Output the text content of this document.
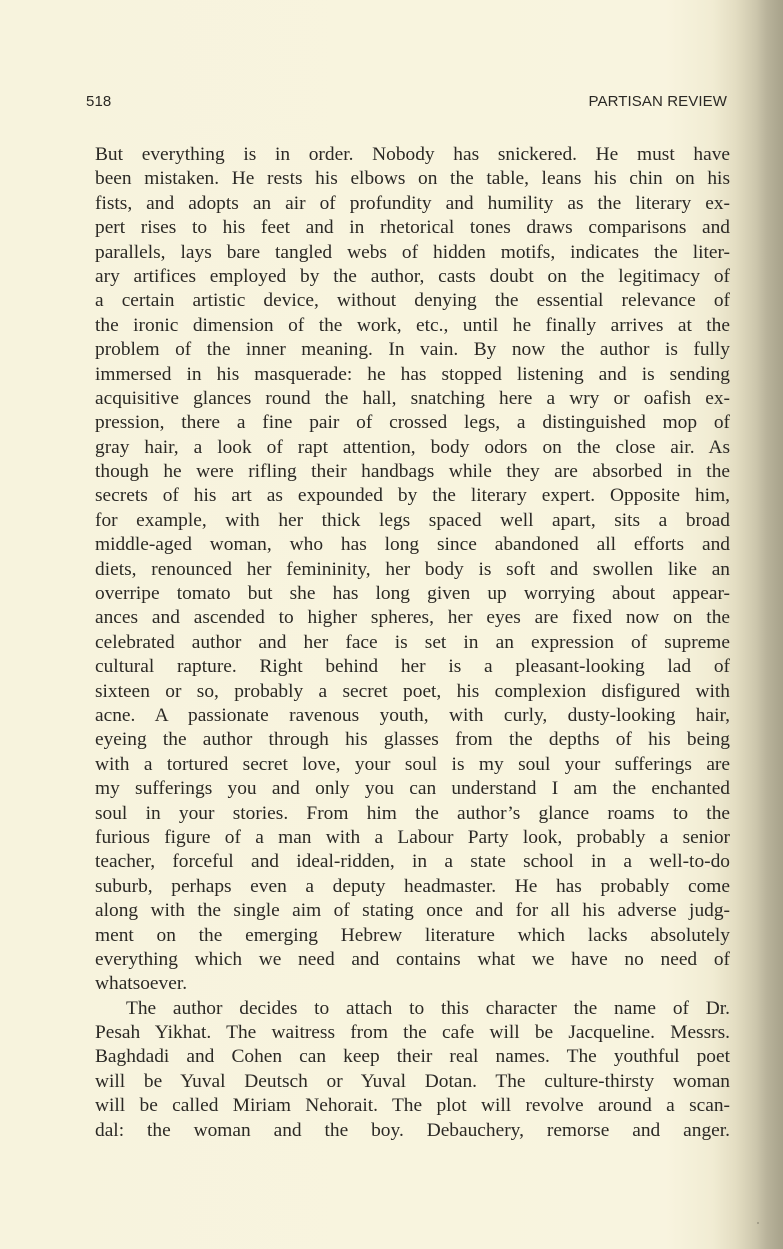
518	PARTISAN REVIEW
But everything is in order. Nobody has snickered. He must have
been mistaken. He rests his elbows on the table, leans his chin on his
fists, and adopts an air of profundity and humility as the literary ex-
pert rises to his feet and in rhetorical tones draws comparisons and
parallels, lays bare tangled webs of hidden motifs, indicates the liter-
ary artifices employed by the author, casts doubt on the legitimacy of
a certain artistic device, without denying the essential relevance of
the ironic dimension of the work, etc., until he finally arrives at the
problem of the inner meaning. In vain. By now the author is fully
immersed in his masquerade: he has stopped listening and is sending
acquisitive glances round the hall, snatching here a wry or oafish ex-
pression, there a fine pair of crossed legs, a distinguished mop of
gray hair, a look of rapt attention, body odors on the close air. As
though he were rifling their handbags while they are absorbed in the
secrets of his art as expounded by the literary expert. Opposite him,
for example, with her thick legs spaced well apart, sits a broad
middle-aged woman, who has long since abandoned all efforts and
diets, renounced her femininity, her body is soft and swollen like an
overripe tomato but she has long given up worrying about appear-
ances and ascended to higher spheres, her eyes are fixed now on the
celebrated author and her face is set in an expression of supreme
cultural rapture. Right behind her is a pleasant-looking lad of
sixteen or so, probably a secret poet, his complexion disfigured with
acne. A passionate ravenous youth, with curly, dusty-looking hair,
eyeing the author through his glasses from the depths of his being
with a tortured secret love, your soul is my soul your sufferings are
my sufferings you and only you can understand I am the enchanted
soul in your stories. From him the author’s glance roams to the
furious figure of a man with a Labour Party look, probably a senior
teacher, forceful and ideal-ridden, in a state school in a well-to-do
suburb, perhaps even a deputy headmaster. He has probably come
along with the single aim of stating once and for all his adverse judg-
ment on the emerging Hebrew literature which lacks absolutely
everything which we need and contains what we have no need of
whatsoever.
The author decides to attach to this character the name of Dr.
Pesah Yikhat. The waitress from the cafe will be Jacqueline. Messrs.
Baghdadi and Cohen can keep their real names. The youthful poet
will be Yuval Deutsch or Yuval Dotan. The culture-thirsty woman
will be called Miriam Nehorait. The plot will revolve around a scan-
dal: the woman and the boy. Debauchery, remorse and anger.
